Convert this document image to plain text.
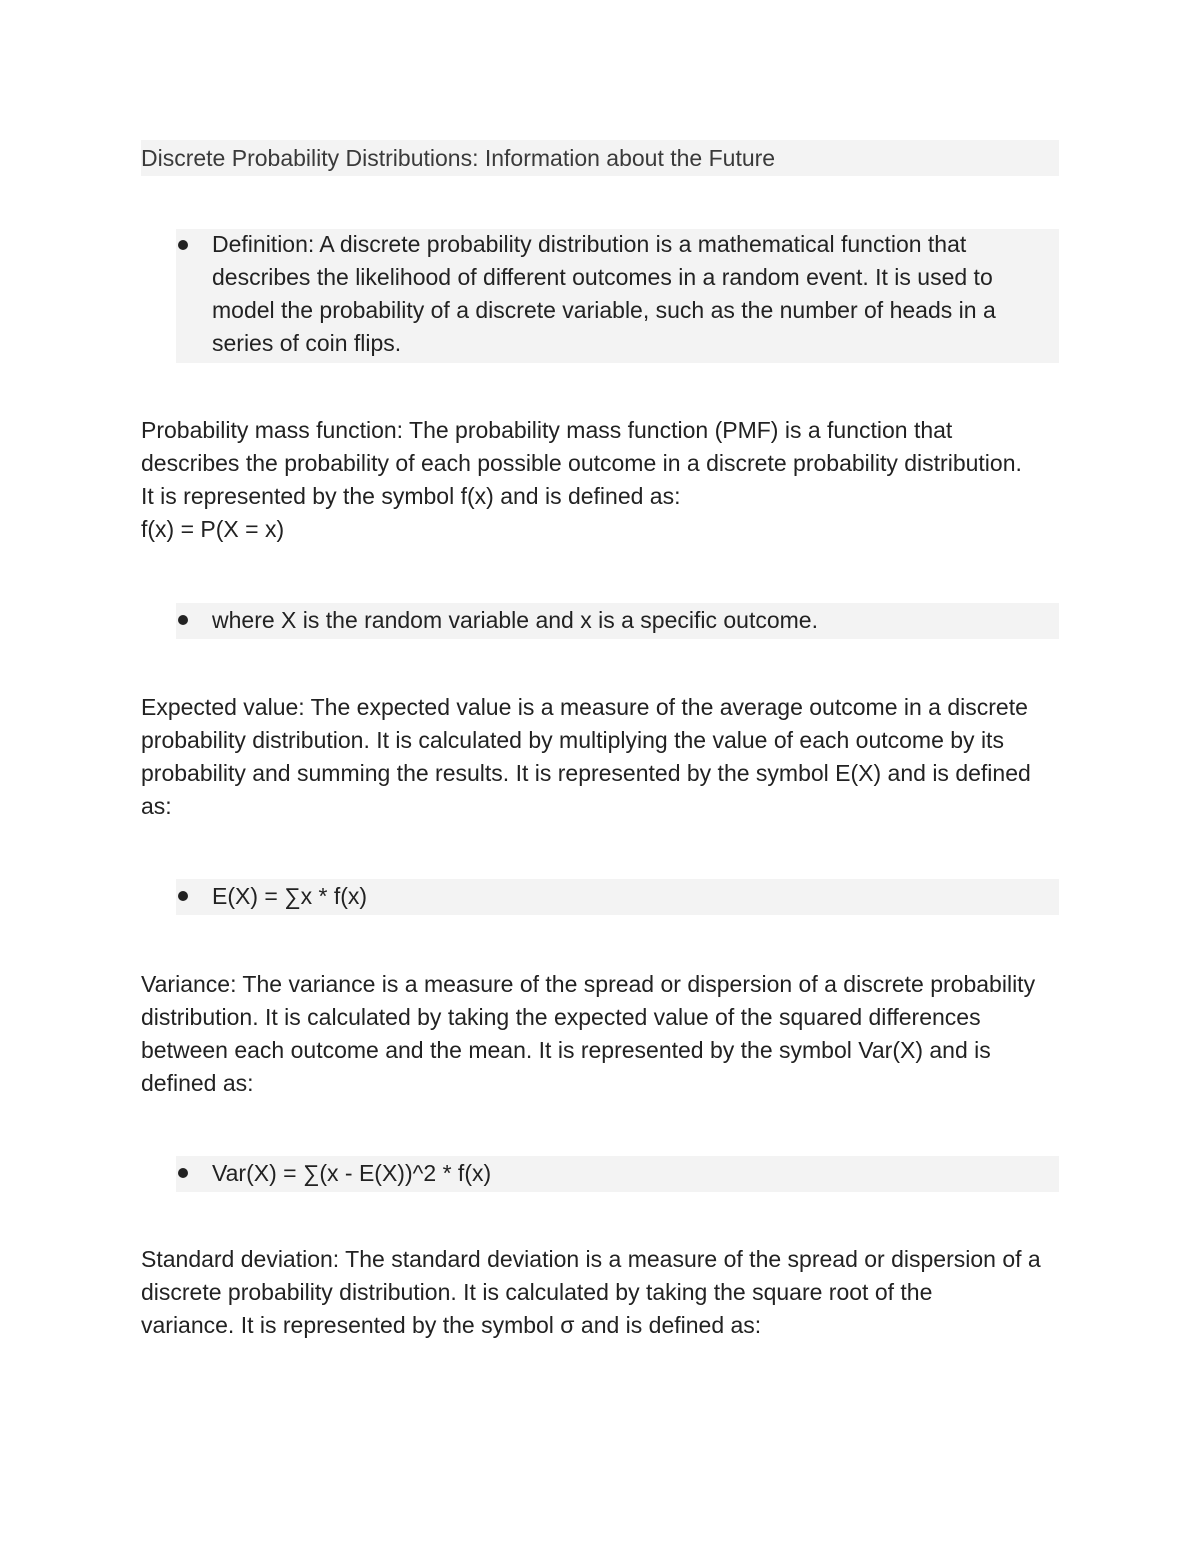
Discrete Probability Distributions: Information about the Future
Definition: A discrete probability distribution is a mathematical function that
describes the likelihood of different outcomes in a random event. It is used to
model the probability of a discrete variable, such as the number of heads in a
series of coin flips.
Probability mass function: The probability mass function (PMF) is a function that
describes the probability of each possible outcome in a discrete probability distribution.
It is represented by the symbol f(x) and is defined as:
f(x) = P(X = x)
where X is the random variable and x is a specific outcome.
Expected value: The expected value is a measure of the average outcome in a discrete
probability distribution. It is calculated by multiplying the value of each outcome by its
probability and summing the results. It is represented by the symbol E(X) and is defined
as:
E(X) = ∑x * f(x)
Variance: The variance is a measure of the spread or dispersion of a discrete probability
distribution. It is calculated by taking the expected value of the squared differences
between each outcome and the mean. It is represented by the symbol Var(X) and is
defined as:
Var(X) = ∑(x - E(X))^2 * f(x)
Standard deviation: The standard deviation is a measure of the spread or dispersion of a
discrete probability distribution. It is calculated by taking the square root of the
variance. It is represented by the symbol σ and is defined as:
